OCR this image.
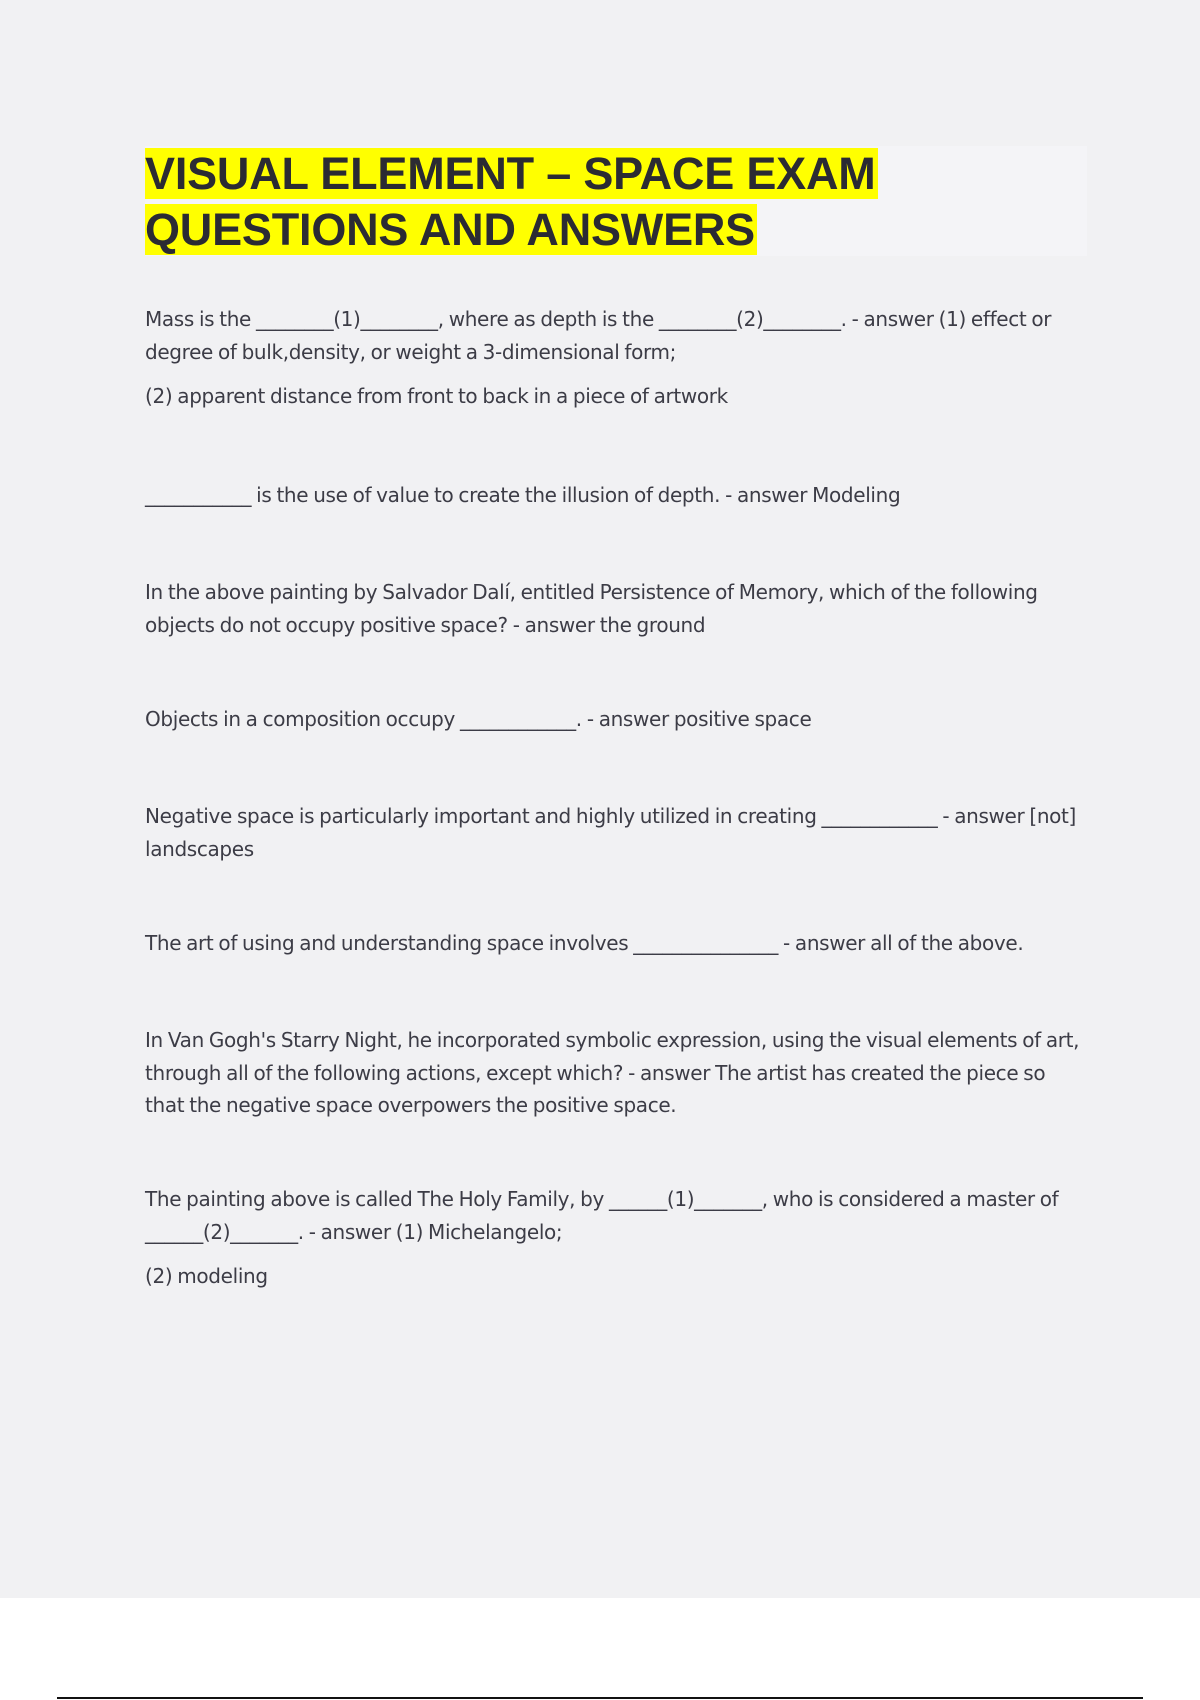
VISUAL ELEMENT – SPACE EXAM
QUESTIONS AND ANSWERS

Mass is the ________(1)________, where as depth is the ________(2)________. - answer (1) effect or degree of bulk,density, or weight a 3-dimensional form;

(2) apparent distance from front to back in a piece of artwork

___________ is the use of value to create the illusion of depth. - answer Modeling

In the above painting by Salvador Dalí, entitled Persistence of Memory, which of the following objects do not occupy positive space? - answer the ground

Objects in a composition occupy ____________. - answer positive space

Negative space is particularly important and highly utilized in creating ____________ - answer [not] landscapes

The art of using and understanding space involves _______________ - answer all of the above.

In Van Gogh's Starry Night, he incorporated symbolic expression, using the visual elements of art, through all of the following actions, except which? - answer The artist has created the piece so that the negative space overpowers the positive space.

The painting above is called The Holy Family, by ______(1)_______, who is considered a master of ______(2)_______. - answer (1) Michelangelo;

(2) modeling
